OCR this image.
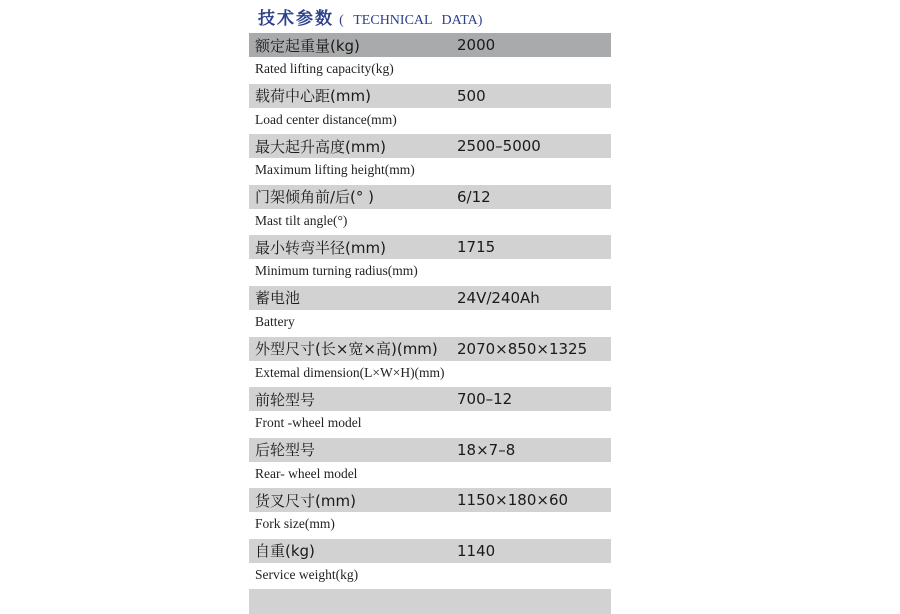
技术参数 ( TECHNICAL DATA)
额定起重量(kg)	2000
Rated lifting capacity(kg)
载荷中心距(mm)	500
Load center distance(mm)
最大起升高度(mm)	2500–5000
Maximum lifting height(mm)
门架倾角前/后(° )	6/12
Mast tilt angle(°)
最小转弯半径(mm)	1715
Minimum turning radius(mm)
蓄电池	24V/240Ah
Battery
外型尺寸(长×宽×高)(mm)	2070×850×1325
Extemal dimension(L×W×H)(mm)
前轮型号	700–12
Front -wheel model
后轮型号	18×7–8
Rear- wheel model
货叉尺寸(mm)	1150×180×60
Fork size(mm)
自重(kg)	1140
Service weight(kg)
